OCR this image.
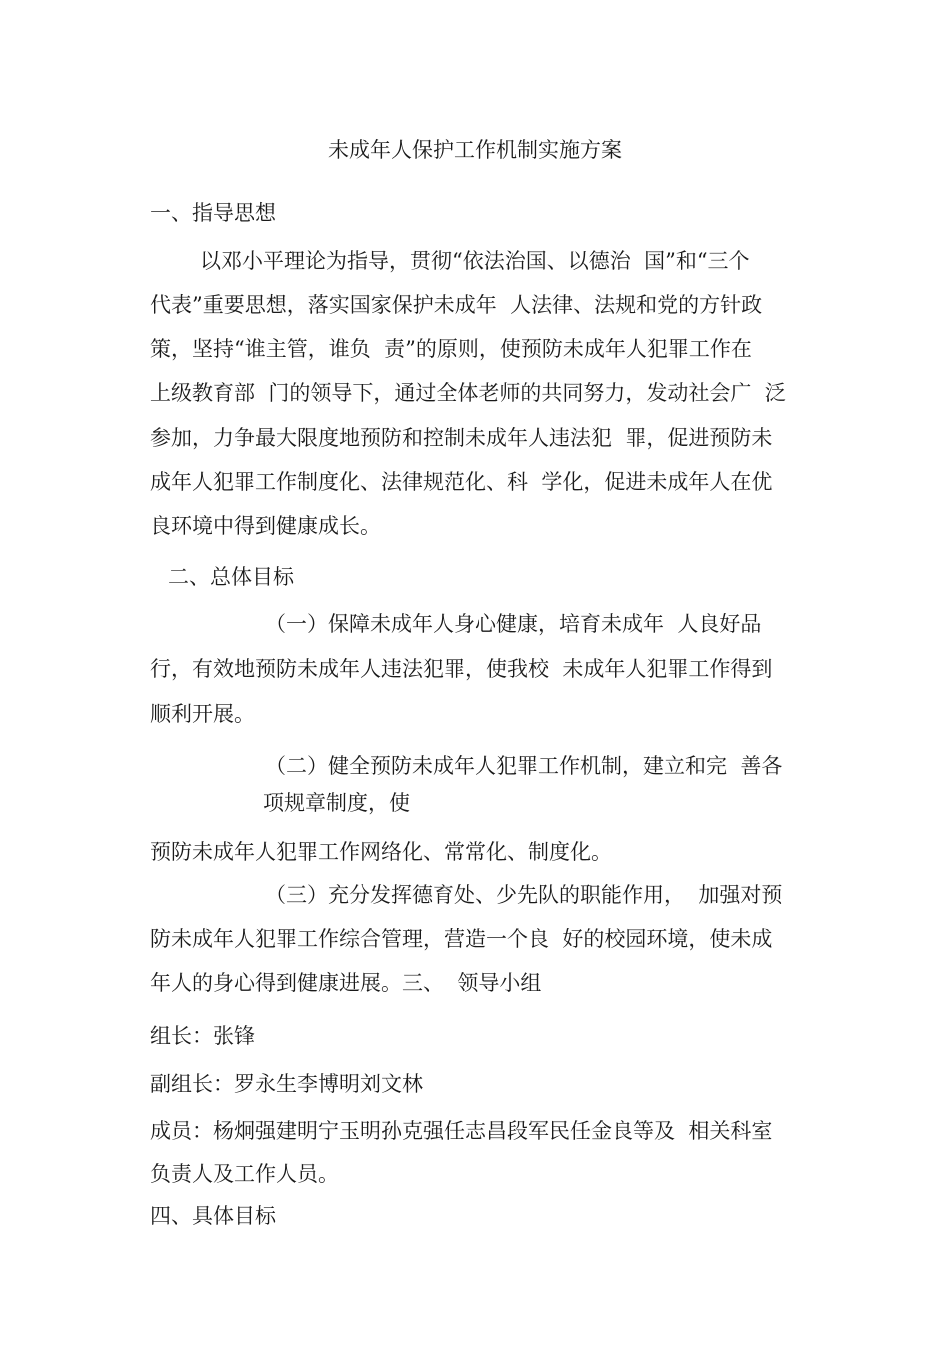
未成年人保护工作机制实施方案
一、指导思想
以邓小平理论为指导，贯彻“依法治国、以德治  国”和“三个
代表”重要思想，落实国家保护未成年  人法律、法规和党的方针政
策，坚持“谁主管，谁负  责”的原则，使预防未成年人犯罪工作在
上级教育部  门的领导下，通过全体老师的共同努力，发动社会广  泛
参加，力争最大限度地预防和控制未成年人违法犯  罪，促进预防未
成年人犯罪工作制度化、法律规范化、科  学化，促进未成年人在优
良环境中得到健康成长。
二、总体目标
（一）保障未成年人身心健康，培育未成年  人良好品
行，有效地预防未成年人违法犯罪，使我校  未成年人犯罪工作得到
顺利开展。
（二）健全预防未成年人犯罪工作机制，建立和完  善各
项规章制度，使
预防未成年人犯罪工作网络化、常常化、制度化。
（三）充分发挥德育处、少先队的职能作用，  加强对预
防未成年人犯罪工作综合管理，营造一个良  好的校园环境，使未成
年人的身心得到健康进展。三、  领导小组
组长：张锋
副组长：罗永生李博明刘文林
成员：杨炯强建明宁玉明孙克强任志昌段军民任金良等及  相关科室
负责人及工作人员。
四、具体目标
